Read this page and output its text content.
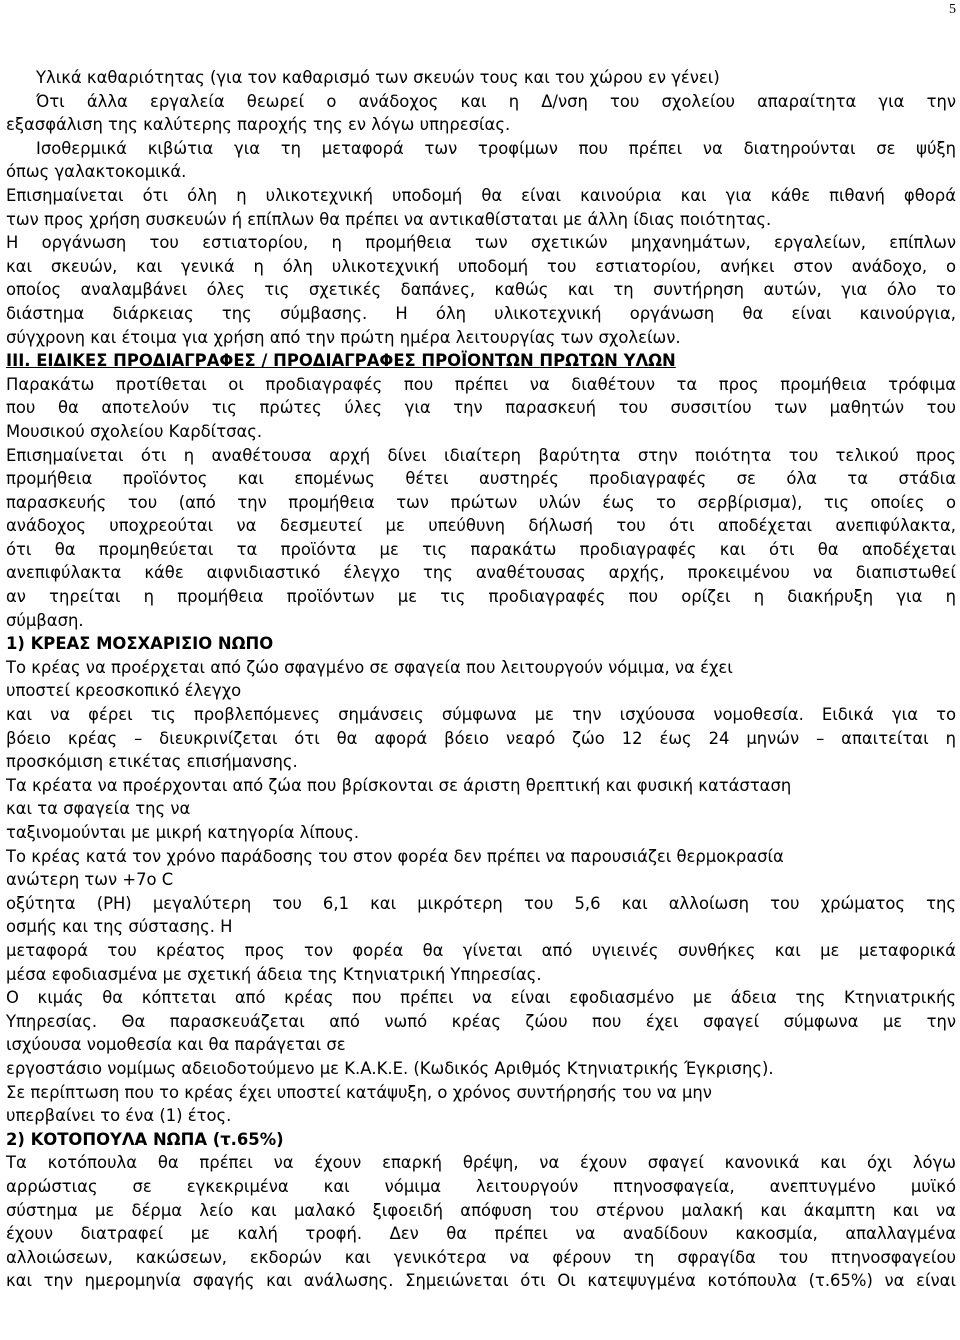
5
Υλικά καθαριότητας (για τον καθαρισμό των σκευών τους και του χώρου εν γένει)
Ότι άλλα εργαλεία θεωρεί ο ανάδοχος και η Δ/νση του σχολείου απαραίτητα για την
εξασφάλιση της καλύτερης παροχής της εν λόγω υπηρεσίας.
Ισοθερμικά κιβώτια για τη μεταφορά των τροφίμων που πρέπει να διατηρούνται σε ψύξη
όπως γαλακτοκομικά.
Επισημαίνεται ότι όλη η υλικοτεχνική υποδομή θα είναι καινούρια και για κάθε πιθανή φθορά
των προς χρήση συσκευών ή επίπλων θα πρέπει να αντικαθίσταται με άλλη ίδιας ποιότητας.
Η οργάνωση του εστιατορίου, η προμήθεια των σχετικών μηχανημάτων, εργαλείων, επίπλων
και σκευών, και γενικά η όλη υλικοτεχνική υποδομή του εστιατορίου, ανήκει στον ανάδοχο, ο
οποίος αναλαμβάνει όλες τις σχετικές δαπάνες, καθώς και τη συντήρηση αυτών, για όλο το
διάστημα διάρκειας της σύμβασης. Η όλη υλικοτεχνική οργάνωση θα είναι καινούργια,
σύγχρονη και έτοιμα για χρήση από την πρώτη ημέρα λειτουργίας των σχολείων.
III. ΕΙΔΙΚΕΣ ΠΡΟΔΙΑΓΡΑΦΕΣ / ΠΡΟΔΙΑΓΡΑΦΕΣ ΠΡΟΪΟΝΤΩΝ ΠΡΩΤΩΝ ΥΛΩΝ
Παρακάτω προτίθεται οι προδιαγραφές που πρέπει να διαθέτουν τα προς προμήθεια τρόφιμα
που θα αποτελούν τις πρώτες ύλες για την παρασκευή του συσσιτίου των μαθητών του
Μουσικού σχολείου Καρδίτσας.
Επισημαίνεται ότι η αναθέτουσα αρχή δίνει ιδιαίτερη βαρύτητα στην ποιότητα του τελικού προς
προμήθεια προϊόντος και επομένως θέτει αυστηρές προδιαγραφές σε όλα τα στάδια
παρασκευής του (από την προμήθεια των πρώτων υλών έως το σερβίρισμα), τις οποίες ο
ανάδοχος υποχρεούται να δεσμευτεί με υπεύθυνη δήλωσή του ότι αποδέχεται ανεπιφύλακτα,
ότι θα προμηθεύεται τα προϊόντα με τις παρακάτω προδιαγραφές και ότι θα αποδέχεται
ανεπιφύλακτα κάθε αιφνιδιαστικό έλεγχο της αναθέτουσας αρχής, προκειμένου να διαπιστωθεί
αν τηρείται η προμήθεια προϊόντων με τις προδιαγραφές που ορίζει η διακήρυξη για η
σύμβαση.
1) ΚΡΕΑΣ ΜΟΣΧΑΡΙΣΙΟ ΝΩΠΟ
Το κρέας να προέρχεται από ζώο σφαγμένο σε σφαγεία που λειτουργούν νόμιμα, να έχει
υποστεί κρεοσκοπικό έλεγχο
και να φέρει τις προβλεπόμενες σημάνσεις σύμφωνα με την ισχύουσα νομοθεσία. Ειδικά για το
βόειο κρέας – διευκρινίζεται ότι θα αφορά βόειο νεαρό ζώο 12 έως 24 μηνών – απαιτείται η
προσκόμιση ετικέτας επισήμανσης.
Τα κρέατα να προέρχονται από ζώα που βρίσκονται σε άριστη θρεπτική και φυσική κατάσταση
και τα σφαγεία της να
ταξινομούνται με μικρή κατηγορία λίπους.
Το κρέας κατά τον χρόνο παράδοσης του στον φορέα δεν πρέπει να παρουσιάζει θερμοκρασία
ανώτερη των +7ο C
οξύτητα (PH) μεγαλύτερη του 6,1 και μικρότερη του 5,6 και αλλοίωση του χρώματος της
οσμής και της σύστασης. Η
μεταφορά του κρέατος προς τον φορέα θα γίνεται από υγιεινές συνθήκες και με μεταφορικά
μέσα εφοδιασμένα με σχετική άδεια της Κτηνιατρική Υπηρεσίας.
Ο κιμάς θα κόπτεται από κρέας που πρέπει να είναι εφοδιασμένο με άδεια της Κτηνιατρικής
Υπηρεσίας. Θα παρασκευάζεται από νωπό κρέας ζώου που έχει σφαγεί σύμφωνα με την
ισχύουσα νομοθεσία και θα παράγεται σε
εργοστάσιο νομίμως αδειοδοτούμενο με Κ.Α.Κ.Ε. (Κωδικός Αριθμός Κτηνιατρικής Έγκρισης).
Σε περίπτωση που το κρέας έχει υποστεί κατάψυξη, ο χρόνος συντήρησής του να μην
υπερβαίνει το ένα (1) έτος.
2) ΚΟΤΟΠΟΥΛΑ ΝΩΠΑ (τ.65%)
Τα κοτόπουλα θα πρέπει να έχουν επαρκή θρέψη, να έχουν σφαγεί κανονικά και όχι λόγω
αρρώστιας σε εγκεκριμένα και νόμιμα λειτουργούν πτηνοσφαγεία, ανεπτυγμένο μυϊκό
σύστημα με δέρμα λείο και μαλακό ξιφοειδή απόφυση του στέρνου μαλακή και άκαμπτη και να
έχουν διατραφεί με καλή τροφή. Δεν θα πρέπει να αναδίδουν κακοσμία, απαλλαγμένα
αλλοιώσεων, κακώσεων, εκδορών και γενικότερα να φέρουν τη σφραγίδα του πτηνοσφαγείου
και την ημερομηνία σφαγής και ανάλωσης. Σημειώνεται ότι Οι κατεψυγμένα κοτόπουλα (τ.65%) να είναι
